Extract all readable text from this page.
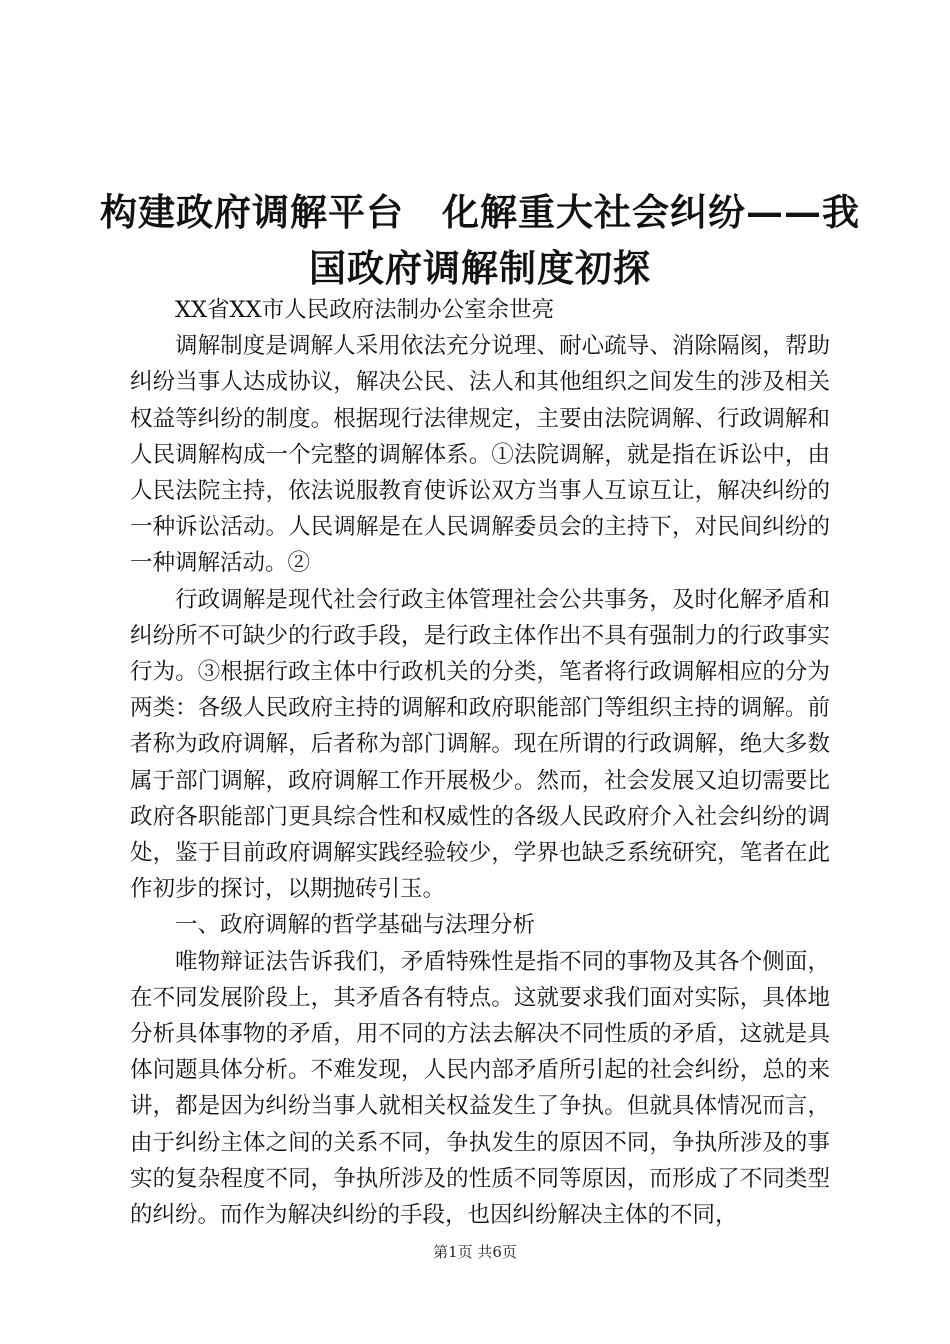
构建政府调解平台　化解重大社会纠纷——我
国政府调解制度初探

XX省XX市人民政府法制办公室余世亮

调解制度是调解人采用依法充分说理、耐心疏导、消除隔阂，帮助纠纷当事人达成协议，解决公民、法人和其他组织之间发生的涉及相关权益等纠纷的制度。根据现行法律规定，主要由法院调解、行政调解和人民调解构成一个完整的调解体系。①法院调解，就是指在诉讼中，由人民法院主持，依法说服教育使诉讼双方当事人互谅互让，解决纠纷的一种诉讼活动。人民调解是在人民调解委员会的主持下，对民间纠纷的一种调解活动。②

行政调解是现代社会行政主体管理社会公共事务，及时化解矛盾和纠纷所不可缺少的行政手段，是行政主体作出不具有强制力的行政事实行为。③根据行政主体中行政机关的分类，笔者将行政调解相应的分为两类：各级人民政府主持的调解和政府职能部门等组织主持的调解。前者称为政府调解，后者称为部门调解。现在所谓的行政调解，绝大多数属于部门调解，政府调解工作开展极少。然而，社会发展又迫切需要比政府各职能部门更具综合性和权威性的各级人民政府介入社会纠纷的调处，鉴于目前政府调解实践经验较少，学界也缺乏系统研究，笔者在此作初步的探讨，以期抛砖引玉。

一、政府调解的哲学基础与法理分析

唯物辩证法告诉我们，矛盾特殊性是指不同的事物及其各个侧面，在不同发展阶段上，其矛盾各有特点。这就要求我们面对实际，具体地分析具体事物的矛盾，用不同的方法去解决不同性质的矛盾，这就是具体问题具体分析。不难发现，人民内部矛盾所引起的社会纠纷，总的来讲，都是因为纠纷当事人就相关权益发生了争执。但就具体情况而言，由于纠纷主体之间的关系不同，争执发生的原因不同，争执所涉及的事实的复杂程度不同，争执所涉及的性质不同等原因，而形成了不同类型的纠纷。而作为解决纠纷的手段，也因纠纷解决主体的不同，

第1页 共6页
